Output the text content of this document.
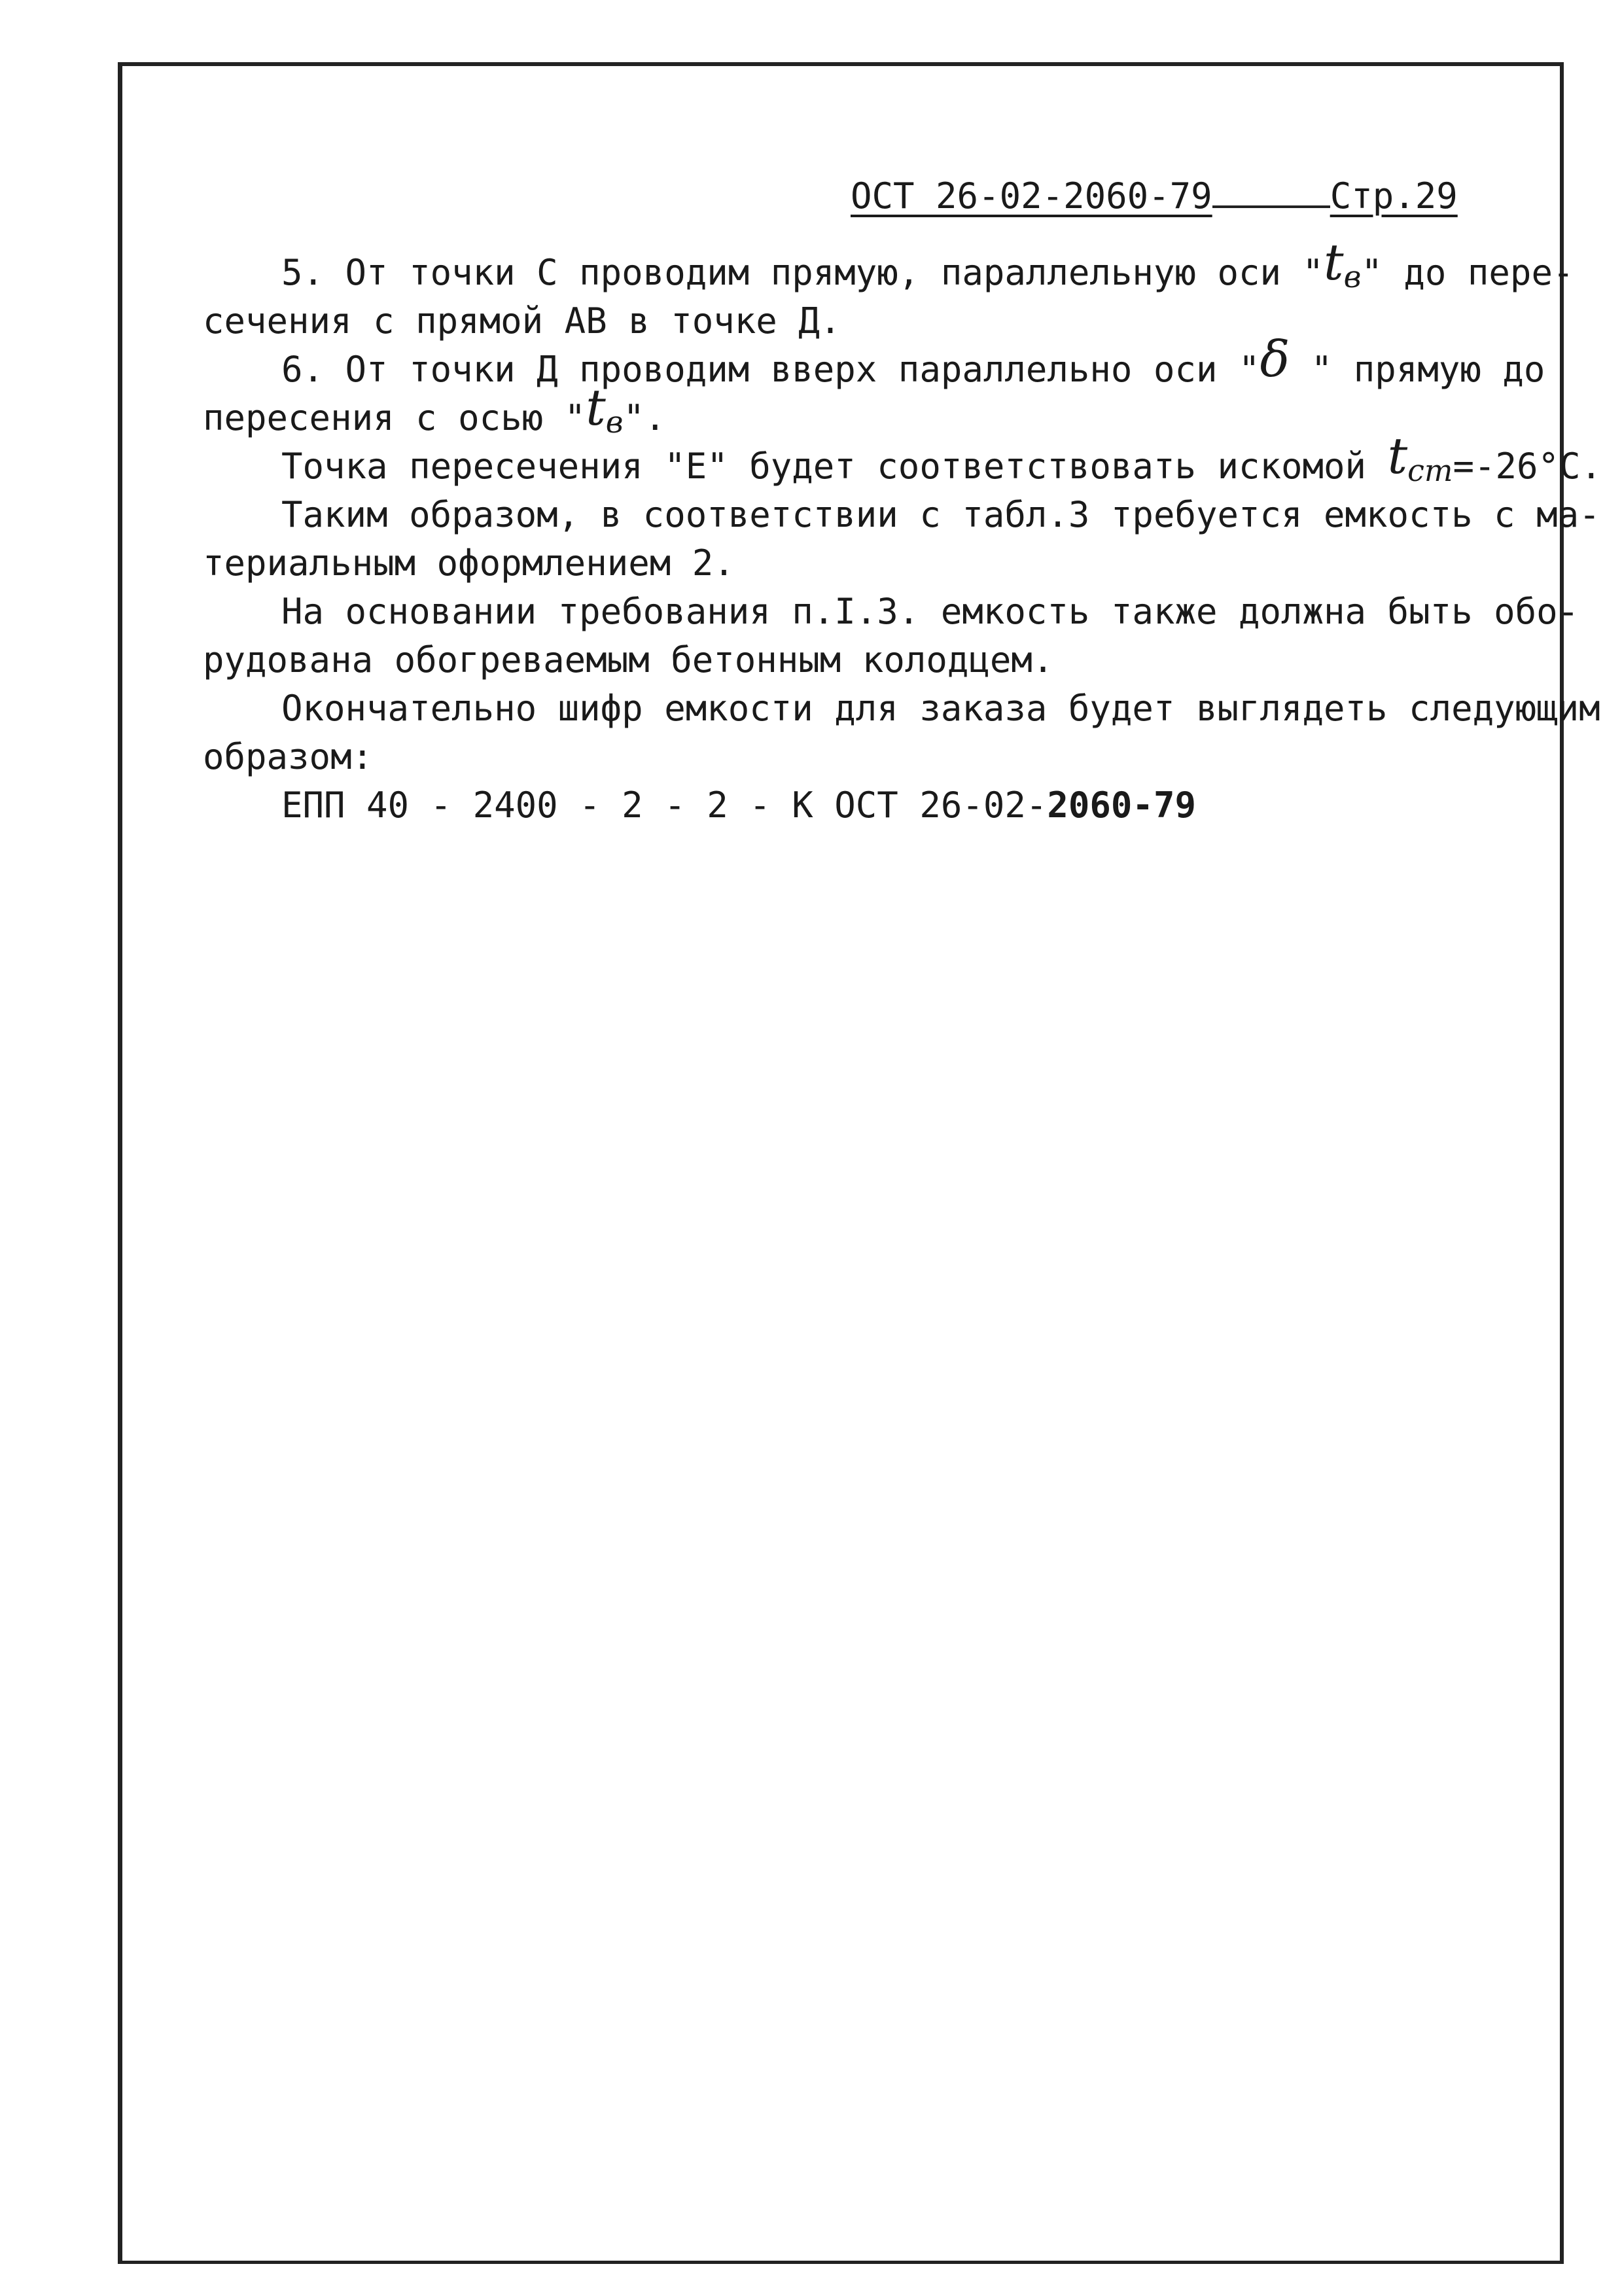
ОСТ 26-02-2060-79	Стр.29
5. От точки С проводим прямую, параллельную оси "tв" до пере-
сечения с прямой АВ в точке Д.
6. От точки Д проводим вверх параллельно оси "δ " прямую до
пересения с осью "tв".
Точка пересечения "Е" будет соответствовать искомой tст=-26°С.
Таким образом, в соответствии с табл.3 требуется емкость с ма-
териальным оформлением 2.
На основании требования п.I.3. емкость также должна быть обо-
рудована обогреваемым бетонным колодцем.
Окончательно шифр емкости для заказа будет выглядеть следующим
образом:
ЕПП 40 - 2400 - 2 - 2 - К ОСТ 26-02-2060-79
